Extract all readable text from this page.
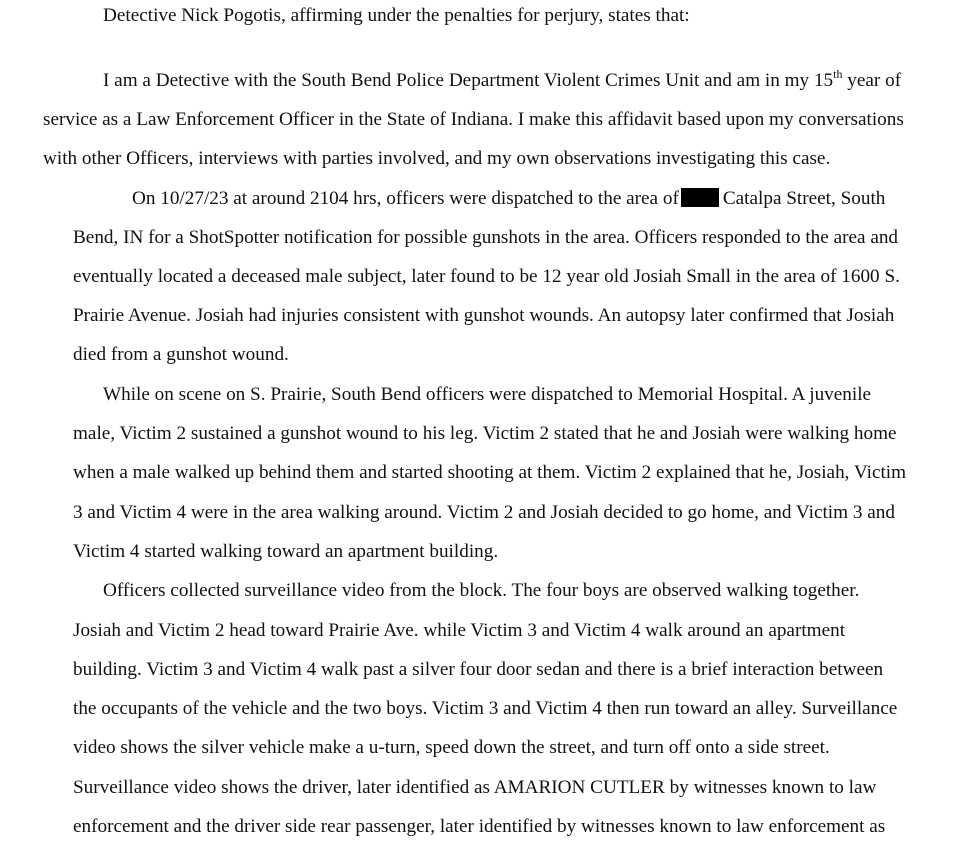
Detective Nick Pogotis, affirming under the penalties for perjury, states that:
I am a Detective with the South Bend Police Department Violent Crimes Unit and am in my 15th year of
service as a Law Enforcement Officer in the State of Indiana. I make this affidavit based upon my conversations
with other Officers, interviews with parties involved, and my own observations investigating this case.
On 10/27/23 at around 2104 hrs, officers were dispatched to the area of Catalpa Street, South
Bend, IN for a ShotSpotter notification for possible gunshots in the area. Officers responded to the area and
eventually located a deceased male subject, later found to be 12 year old Josiah Small in the area of 1600 S.
Prairie Avenue. Josiah had injuries consistent with gunshot wounds. An autopsy later confirmed that Josiah
died from a gunshot wound.
While on scene on S. Prairie, South Bend officers were dispatched to Memorial Hospital. A juvenile
male, Victim 2 sustained a gunshot wound to his leg. Victim 2 stated that he and Josiah were walking home
when a male walked up behind them and started shooting at them. Victim 2 explained that he, Josiah, Victim
3 and Victim 4 were in the area walking around. Victim 2 and Josiah decided to go home, and Victim 3 and
Victim 4 started walking toward an apartment building.
Officers collected surveillance video from the block. The four boys are observed walking together.
Josiah and Victim 2 head toward Prairie Ave. while Victim 3 and Victim 4 walk around an apartment
building. Victim 3 and Victim 4 walk past a silver four door sedan and there is a brief interaction between
the occupants of the vehicle and the two boys. Victim 3 and Victim 4 then run toward an alley. Surveillance
video shows the silver vehicle make a u-turn, speed down the street, and turn off onto a side street.
Surveillance video shows the driver, later identified as AMARION CUTLER by witnesses known to law
enforcement and the driver side rear passenger, later identified by witnesses known to law enforcement as
